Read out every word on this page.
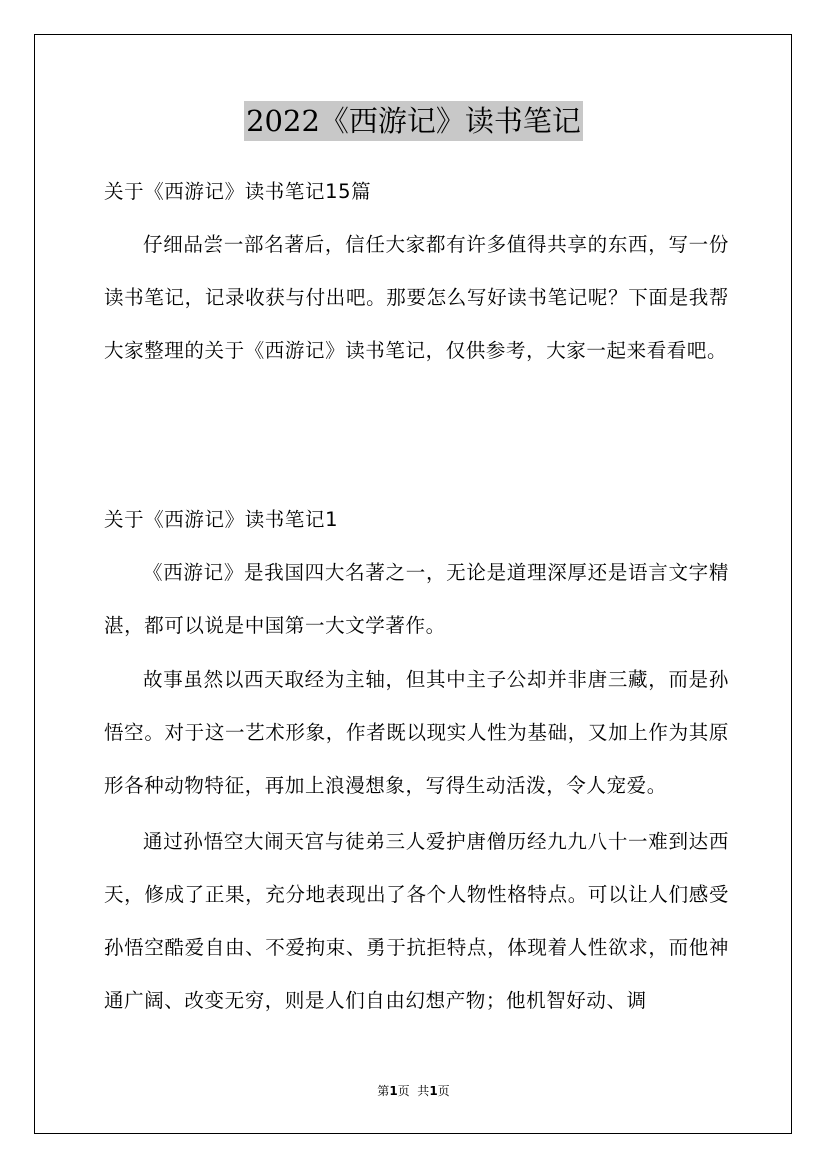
2022《西游记》读书笔记
关于《西游记》读书笔记15篇
仔细品尝一部名著后，信任大家都有许多值得共享的东西，写一份读书笔记，记录收获与付出吧。那要怎么写好读书笔记呢？下面是我帮大家整理的关于《西游记》读书笔记，仅供参考，大家一起来看看吧。
关于《西游记》读书笔记1
《西游记》是我国四大名著之一，无论是道理深厚还是语言文字精湛，都可以说是中国第一大文学著作。
故事虽然以西天取经为主轴，但其中主子公却并非唐三藏，而是孙悟空。对于这一艺术形象，作者既以现实人性为基础，又加上作为其原形各种动物特征，再加上浪漫想象，写得生动活泼，令人宠爱。
通过孙悟空大闹天宫与徒弟三人爱护唐僧历经九九八十一难到达西天，修成了正果，充分地表现出了各个人物性格特点。可以让人们感受孙悟空酷爱自由、不爱拘束、勇于抗拒特点，体现着人性欲求，而他神通广阔、改变无穷，则是人们自由幻想产物；他机智好动、调
第1页  共1页
